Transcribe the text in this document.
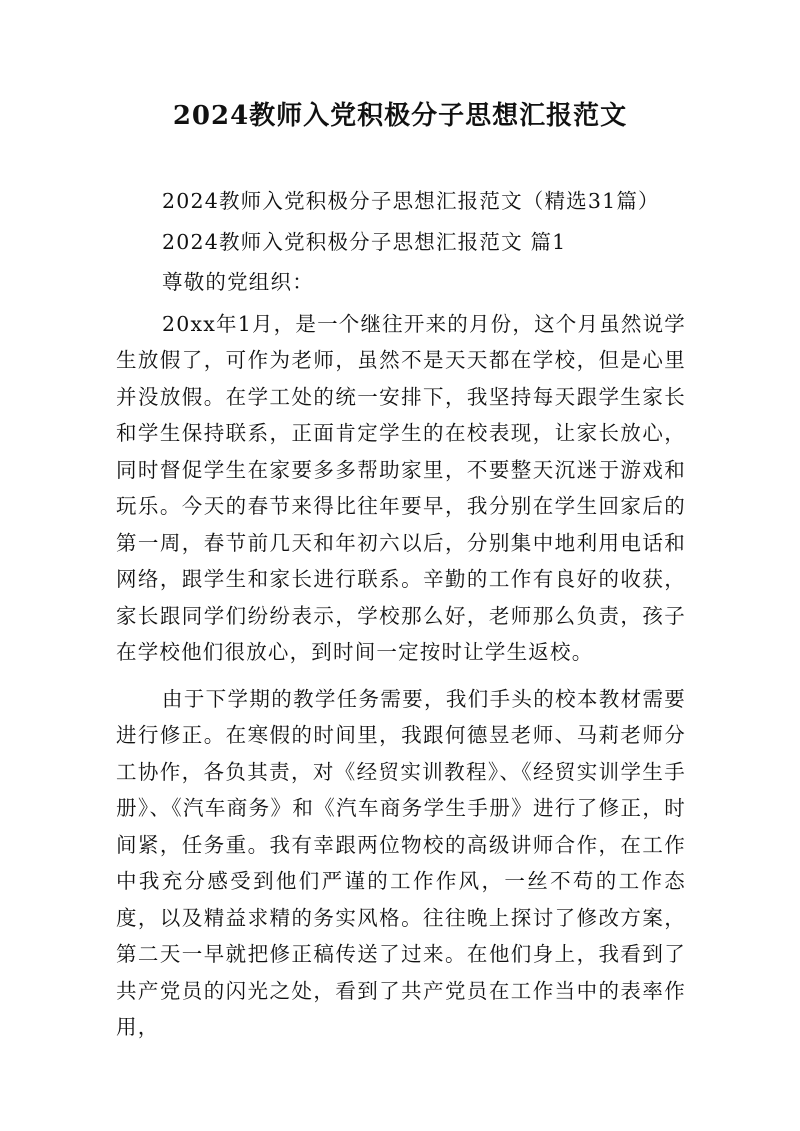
2024教师入党积极分子思想汇报范文
2024教师入党积极分子思想汇报范文（精选31篇）
2024教师入党积极分子思想汇报范文 篇1
尊敬的党组织：

20xx年1月，是一个继往开来的月份，这个月虽然说学生放假了，可作为老师，虽然不是天天都在学校，但是心里并没放假。在学工处的统一安排下，我坚持每天跟学生家长和学生保持联系，正面肯定学生的在校表现，让家长放心，同时督促学生在家要多多帮助家里，不要整天沉迷于游戏和玩乐。今天的春节来得比往年要早，我分别在学生回家后的第一周，春节前几天和年初六以后，分别集中地利用电话和网络，跟学生和家长进行联系。辛勤的工作有良好的收获，家长跟同学们纷纷表示，学校那么好，老师那么负责，孩子在学校他们很放心，到时间一定按时让学生返校。

由于下学期的教学任务需要，我们手头的校本教材需要进行修正。在寒假的时间里，我跟何德昱老师、马莉老师分工协作，各负其责，对《经贸实训教程》、《经贸实训学生手册》、《汽车商务》和《汽车商务学生手册》进行了修正，时间紧，任务重。我有幸跟两位物校的高级讲师合作，在工作中我充分感受到他们严谨的工作作风，一丝不苟的工作态度，以及精益求精的务实风格。往往晚上探讨了修改方案，第二天一早就把修正稿传送了过来。在他们身上，我看到了共产党员的闪光之处，看到了共产党员在工作当中的表率作用，
